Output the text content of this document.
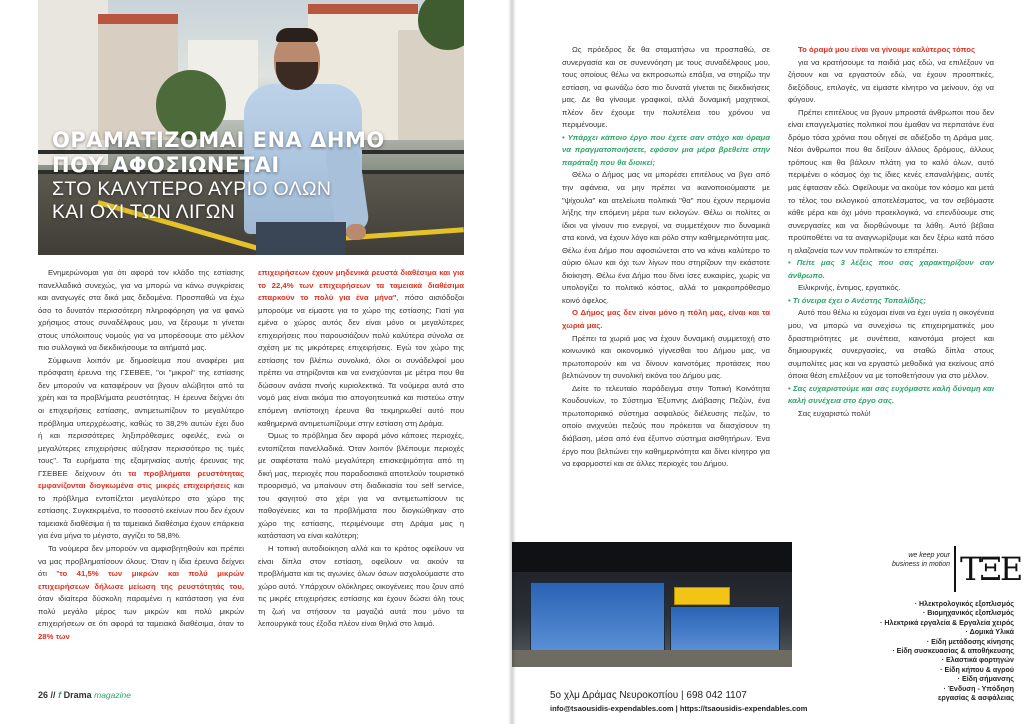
ΟΡΑΜΑΤΙΖΟΜΑΙ ΕΝΑ ΔΗΜΟ
ΠΟΥ ΑΦΟΣΙΩΝΕΤΑΙ
ΣΤΟ ΚΑΛΥΤΕΡΟ ΑΥΡΙΟ ΟΛΩΝ
ΚΑΙ ΟΧΙ ΤΩΝ ΛΙΓΩΝ

Ενημερώνομαι για ότι αφορά τον κλάδο της εστίασης πανελλαδικά συνεχώς, για να μπορώ να κάνω συγκρίσεις και αναγωγές στα δικά μας δεδομένα. Προσπαθώ να έχω όσο το δυνατόν περισσότερη πληροφόρηση για να φανώ χρήσιμος στους συναδέλφους μου, να ξέρουμε τι γίνεται στους υπόλοιπους νομούς για να μπορέσουμε στο μέλλον πιο συλλογικά να διεκδικήσουμε τα αιτήματά μας.

Σύμφωνα λοιπόν με δημοσίευμα που αναφέρει μια πρόσφατη έρευνα της ΓΣΕΒΕΕ, "οι "μικροί" της εστίασης δεν μπορούν να καταφέρουν να βγουν αλώβητοι από τα χρέη και τα προβλήματα ρευστότητας. Η έρευνα δείχνει ότι οι επιχειρήσεις εστίασης, αντιμετωπίζουν το μεγαλύτερο πρόβλημα υπερχρέωσης, καθώς το 38,2% αυτών έχει δυο ή και περισσότερες ληξιπρόθεσμες οφειλές, ενώ οι μεγαλύτερες επιχειρήσεις αύξησαν περισσότερο τις τιμές τους". Τα ευρήματα της εξαμηνιαίας αυτής έρευνας της ΓΣΕΒΕΕ δείχνουν ότι τα προβλήματα ρευστότητας εμφανίζονται διογκωμένα στις μικρές επιχειρήσεις και το πρόβλημα εντοπίζεται μεγαλύτερο στο χώρο της εστίασης. Συγκεκριμένα, το ποσοστό εκείνων που δεν έχουν ταμειακά διαθέσιμα ή τα ταμειακά διαθέσιμα έχουν επάρκεια για ένα μήνα το μέγιστο, αγγίζει το 58,8%.

Τα νούμερα δεν μπορούν να αμφισβητηθούν και πρέπει να μας προβληματίσουν όλους. Όταν η ίδια έρευνα δείχνει ότι "το 41,5% των μικρών και πολύ μικρών επιχειρήσεων δήλωσε μείωση της ρευστότητάς του, όταν ιδιαίτερα δύσκολη παραμένει η κατάσταση για ένα πολύ μεγάλο μέρος των μικρών και πολύ μικρών επιχειρήσεων σε ότι αφορά τα ταμειακά διαθέσιμα, όταν το 28% των

επιχειρήσεων έχουν μηδενικά ρευστά διαθέσιμα και για το 22,4% των επιχειρήσεων τα ταμειακά διαθέσιμα επαρκούν το πολύ για ένα μήνα", πόσο αισιόδοξοι μπορούμε να είμαστε για το χώρο της εστίασης; Γιατί για εμένα ο χώρος αυτός δεν είναι μόνο οι μεγαλύτερες επιχειρήσεις που παρουσιάζουν πολύ καλύτερα σύνολα σε σχέση με τις μικρότερες επιχειρήσεις. Εγώ τον χώρο της εστίασης τον βλέπω συνολικά, όλοι οι συνάδελφοί μου πρέπει να στηρίζονται και να ενισχύονται με μέτρα που θα δώσουν ανάσα πνοής κυριολεκτικά. Τα νούμερα αυτά στο νομό μας είναι ακόμα πιο απογοητευτικά και πιστεύω στην επόμενη αντίστοιχη έρευνα θα τεκμηριωθεί αυτό που καθημερινά αντιμετωπίζουμε στην εστίαση στη Δράμα.

Όμως το πρόβλημα δεν αφορά μόνο κάποιες περιοχές, εντοπίζεται πανελλαδικά. Όταν λοιπόν βλέπουμε περιοχές με σαφέστατα πολύ μεγαλύτερη επισκεψιμότητα από τη δική μας, περιοχές που παραδοσιακά αποτελούν τουριστικό προορισμό, να μπαίνουν στη διαδικασία του self service, του φαγητού στο χέρι για να αντιμετωπίσουν τις παθογένειες και τα προβλήματα που διογκώθηκαν στο χώρο της εστίασης, περιμένουμε στη Δράμα μας η κατάσταση να είναι καλύτερη;

Η τοπική αυτοδιοίκηση αλλά και το κράτος οφείλουν να είναι δίπλα στον εστίαση, οφείλουν να ακούν τα προβλήματα και τις αγωνίες όλων όσων ασχολούμαστε στο χώρο αυτό. Υπάρχουν ολόκληρες οικογένειες που ζουν από τις μικρές επιχειρήσεις εστίασης και έχουν δώσει όλη τους τη ζωή να στήσουν τα μαγαζιά αυτά που μόνο τα λειτουργικά τους έξοδα πλέον είναι θηλιά στο λαιμό.

26 // f Drama magazine

Ως πρόεδρος δε θα σταματήσω να προσπαθώ, σε συνεργασία και σε συνεννόηση με τους συναδέλφους μου, τους οποίους θέλω να εκπροσωπώ επάξια, να στηρίζω την εστίαση, να φωνάζω όσο πιο δυνατά γίνεται τις διεκδικήσεις μας. Δε θα γίνουμε γραφικοί, αλλά δυναμική μαχητικοί, πλέον δεν έχουμε την πολυτέλεια του χρόνου να περιμένουμε.

• Υπάρχει κάποιο έργο που έχετε σαν στόχο και όραμα να πραγματοποιήσετε, εφόσον μια μέρα βρεθείτε στην παράταξη που θα διοικεί;

Θέλω ο Δήμος μας να μπορέσει επιτέλους να βγει από την αφάνεια, να μην πρέπει να ικανοποιούμαστε με "ψίχουλα" και ατελείωτα πολιτικά "θα" που έχουν περιμονία λήξης την επόμενη μέρα των εκλογών. Θέλω οι πολίτες οι ίδιοι να γίνουν πιο ενεργοί, να συμμετέχουν πιο δυναμικά στα κοινά, να έχουν λόγο και ρόλο στην καθημερινότητα μας. Θέλω ένα Δήμο που αφοσιώνεται στο να κάνει καλύτερο το αύριο όλων και όχι των λίγων που στηρίζουν την εκάστοτε διοίκηση. Θέλω ένα Δήμο που δίνει ίσες ευκαιρίες, χωρίς να υπολογίζει το πολιτικό κόστος, αλλά το μακροπρόθεσμο κοινό όφελος.

Ο Δήμος μας δεν είναι μόνο η πόλη μας, είναι και τα χωριά μας.

Πρέπει τα χωριά μας να έχουν δυναμική συμμετοχή στο κοινωνικό και οικονομικό γίγνεσθαι του Δήμου μας, να πρωτοπορούν και να δίνουν καινοτόμες προτάσεις που βελτιώνουν τη συνολική εικόνα του Δήμου μας.

Δείτε το τελευταίο παράδειγμα στην Τοπική Κοινότητα Κουδουνίων, το Σύστημα Έξυπνης Διάβασης Πεζών, ένα πρωτοποριακό σύστημα ασφαλούς διέλευσης πεζών, το οποίο ανιχνεύει πεζούς που πρόκειται να διασχίσουν τη διάβαση, μέσα από ένα έξυπνο σύστημα αισθητήρων. Ένα έργο που βελτιώνει την καθημερινότητα και δίνει κίνητρο για να εφαρμοστεί και σε άλλες περιοχές του Δήμου.

Το όραμά μου είναι να γίνουμε καλύτερος τόπος

για να κρατήσουμε τα παιδιά μας εδώ, να επιλέξουν να ζήσουν και να εργαστούν εδώ, να έχουν προοπτικές, διεξόδους, επιλογές, να είμαστε κίνητρο να μείνουν, όχι να φύγουν.

Πρέπει επιτέλους να βγουν μπροστά άνθρωποι που δεν είναι επαγγελματίες πολιτικοί που έμαθαν να περπατάνε ένα δρόμο τόσα χρόνια που οδηγεί σε αδιέξοδο τη Δράμα μας. Νέοι άνθρωποι που θα δείξουν άλλους δρόμους, άλλους τρόπους και θα βάλουν πλάτη για το καλό όλων, αυτό περιμένει ο κόσμος όχι τις ίδιες κενές επαναλήψεις, αυτές μας έφτασαν εδώ. Οφείλουμε να ακούμε τον κόσμο και μετά το τέλος του εκλογικού αποτελέσματος, να τον σεβόμαστε κάθε μέρα και όχι μόνο προεκλογικά, να επενδύουμε στις συνεργασίες και να διορθώνουμε τα λάθη. Αυτό βέβαια προϋποθέτει να τα αναγνωρίζουμε και δεν ξέρω κατά πόσο η αλαζονεία των νυν πολιτικών το επιτρέπει.

• Πείτε μας 3 λέξεις που σας χαρακτηρίζουν σαν άνθρωπο.

Ειλικρινής, έντιμος, εργατικός.

• Τι όνειρα έχει ο Ανέστης Τοπαλίδης;

Αυτό που θέλω κι εύχομαι είναι να έχει υγεία η οικογένεια μου, να μπορώ να συνεχίσω τις επιχειρηματικές μου δραστηριότητες με συνέπεια, καινοτόμα project και δημιουργικές συνεργασίες, να σταθώ δίπλα στους συμπολίτες μας και να εργαστώ μεθοδικά για εκείνους από όποια θέση επιλέξουν να με τοποθετήσουν για στο μέλλον.

• Σας ευχαριστούμε και σας ευχόμαστε καλή δύναμη και καλή συνέχεια στο έργο σας.

Σας ευχαριστώ πολύ!

we keep your business in motion TΞE
· Ηλεκτρολογικός εξοπλισμός
· Βιομηχανικός εξοπλισμός
· Ηλεκτρικά εργαλεία & Εργαλεία χειρός
· Δομικά Υλικά
· Είδη μετάδοσης κίνησης
· Είδη συσκευασίας & αποθήκευσης
· Ελαστικά φορτηγών
· Είδη κήπου & αγρού
· Είδη σήμανσης
· Ένδυση - Υπόδηση
εργασίας & ασφάλειας
5ο χλμ Δράμας Νευροκοπίου | 698 042 1107
info@tsaousidis-expendables.com | https://tsaousidis-expendables.com
